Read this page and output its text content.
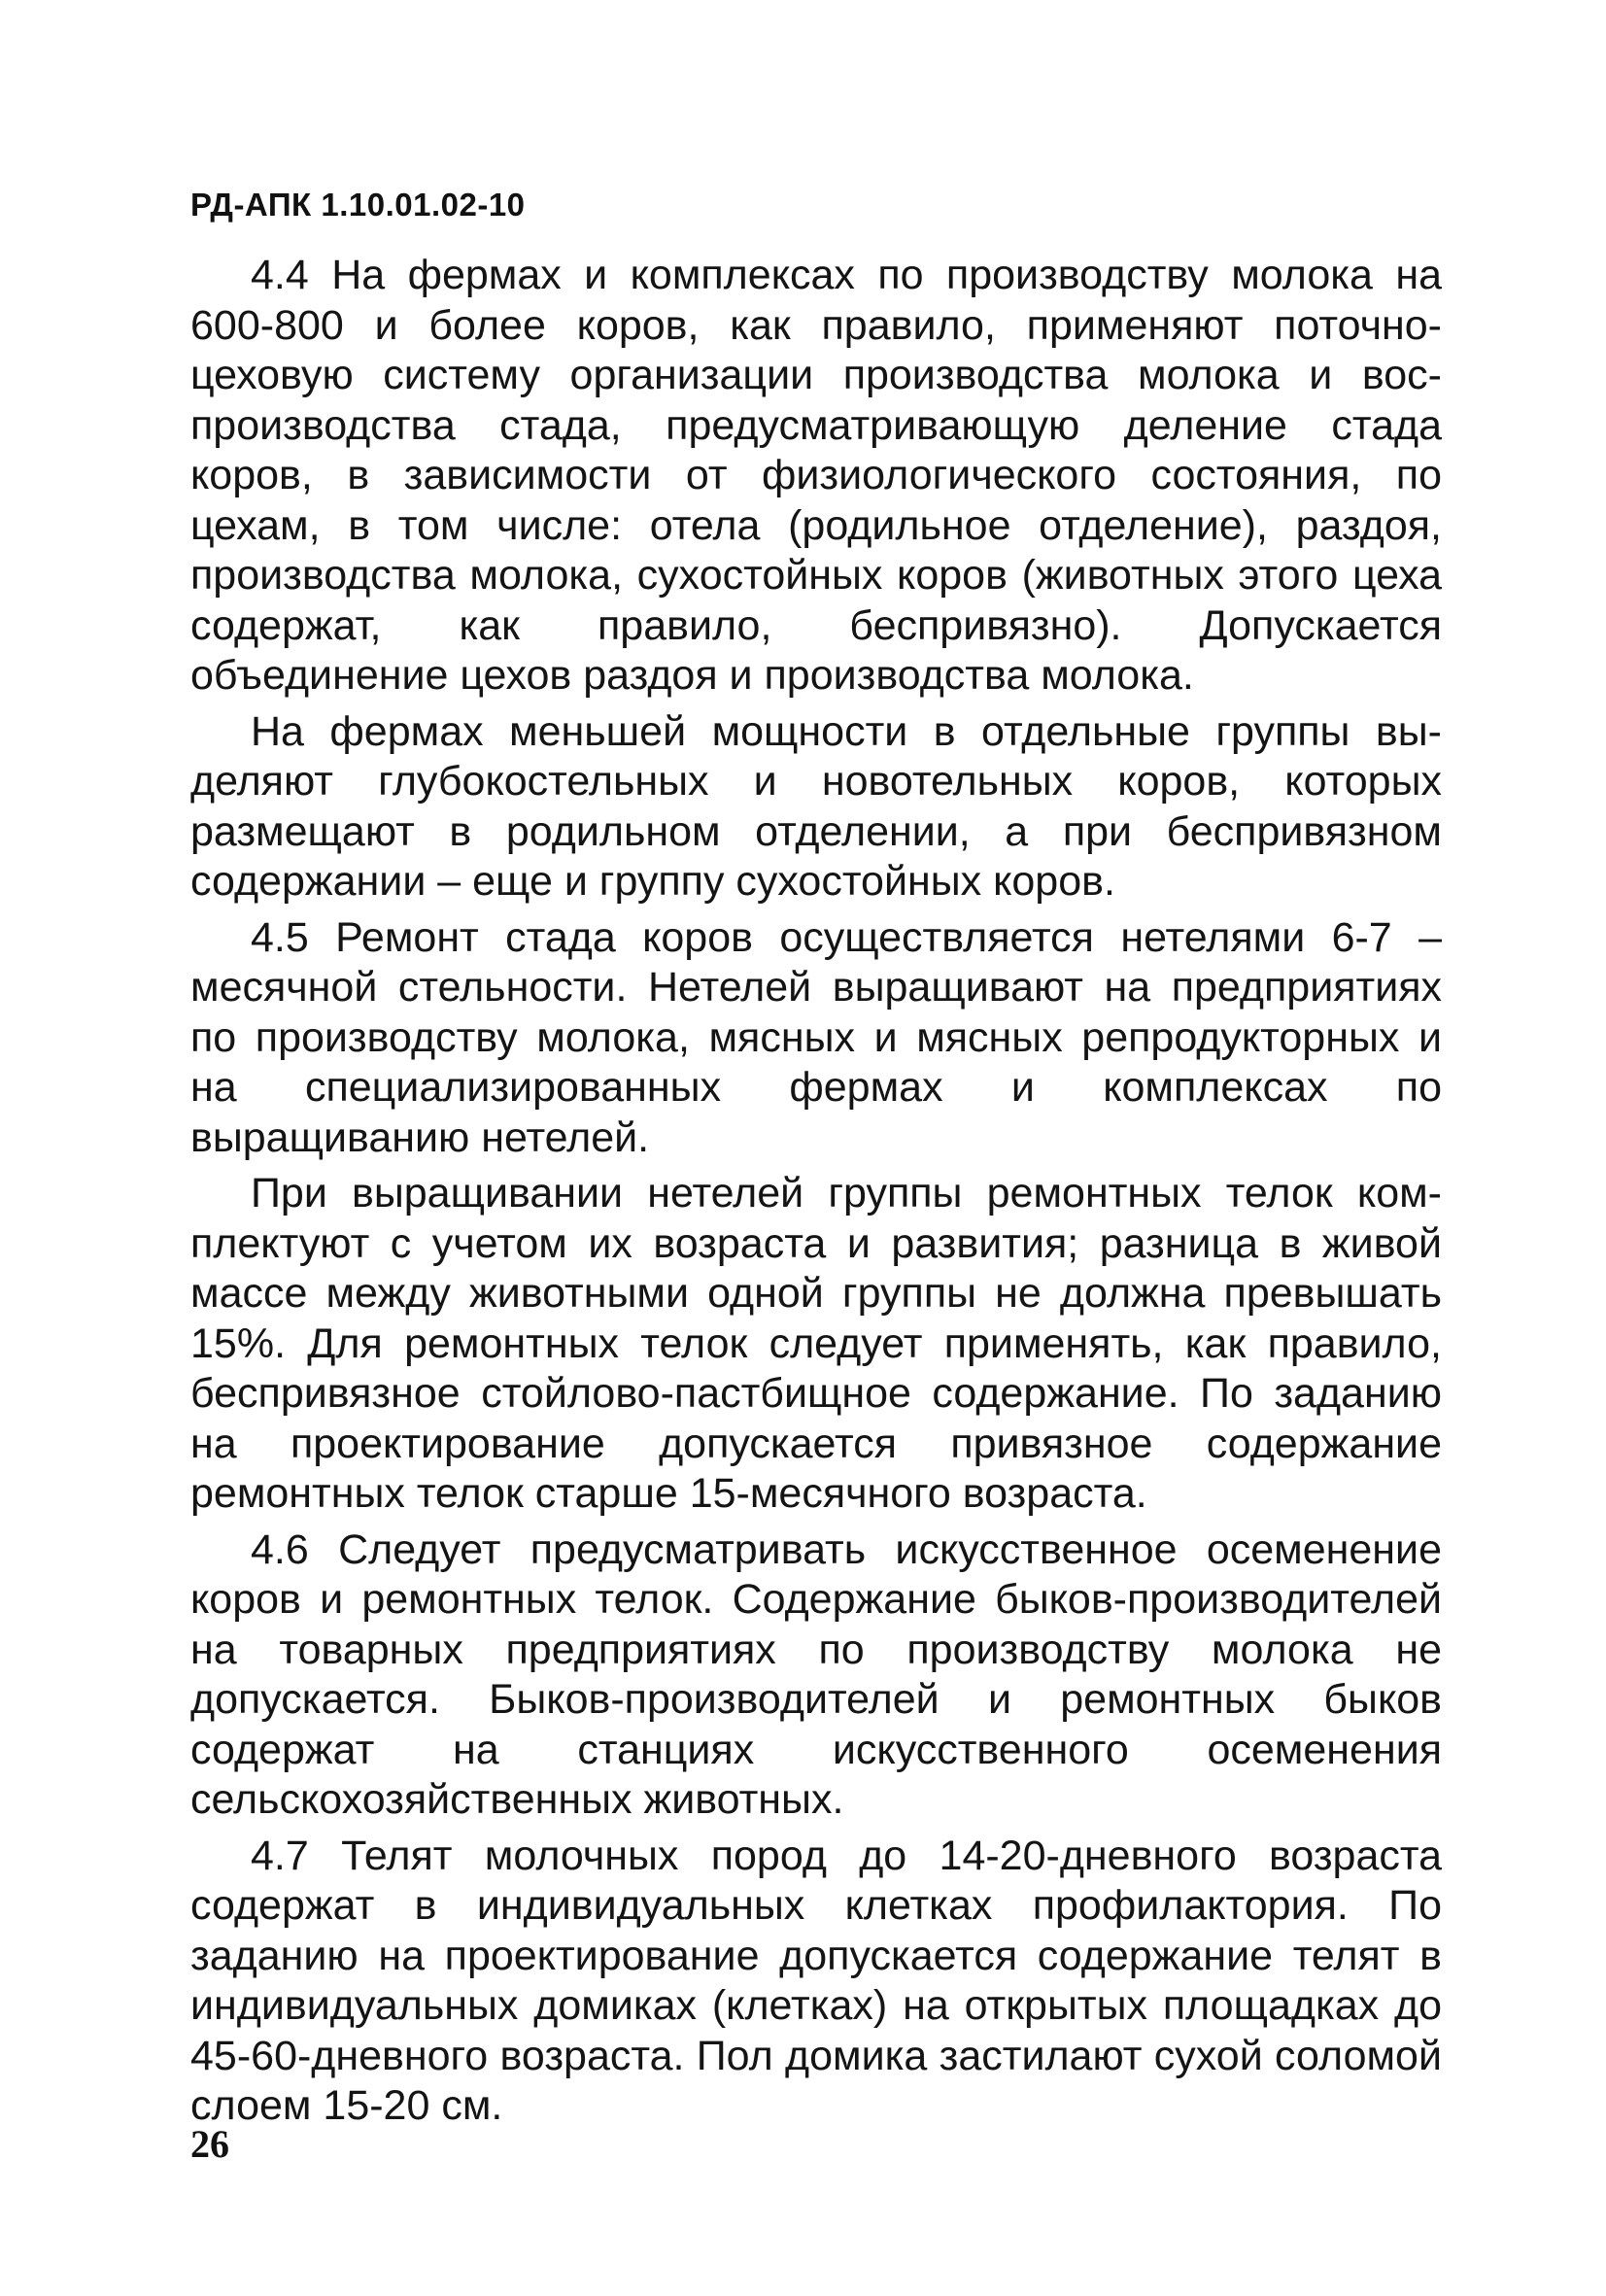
РД-АПК 1.10.01.02-10

4.4 На фермах и комплексах по производству молока на 600-800 и более коров, как правило, применяют поточно-цеховую систему организации производства молока и воспроизводства стада, предусматривающую деление стада коров, в зависимости от физиологического состояния, по цехам, в том числе: отела (родильное отделение), раздоя, производства молока, сухостойных коров (животных этого цеха содержат, как правило, беспривязно). Допускается объединение цехов раздоя и производства молока.

На фермах меньшей мощности в отдельные группы выделяют глубокостельных и новотельных коров, которых размещают в родильном отделении, а при беспривязном содержании – еще и группу сухостойных коров.

4.5 Ремонт стада коров осуществляется нетелями 6-7 – месячной стельности. Нетелей выращивают на предприятиях по производству молока, мясных и мясных репродукторных и на специализированных фермах и комплексах по выращиванию нетелей.

При выращивании нетелей группы ремонтных телок комплектуют с учетом их возраста и развития; разница в живой массе между животными одной группы не должна превышать 15%. Для ремонтных телок следует применять, как правило, беспривязное стойлово-пастбищное содержание. По заданию на проектирование допускается привязное содержание ремонтных телок старше 15-месячного возраста.

4.6 Следует предусматривать искусственное осеменение коров и ремонтных телок. Содержание быков-производителей на товарных предприятиях по производству молока не допускается. Быков-производителей и ремонтных быков содержат на станциях искусственного осеменения сельскохозяйственных животных.

4.7 Телят молочных пород до 14-20-дневного возраста содержат в индивидуальных клетках профилактория. По заданию на проектирование допускается содержание телят в индивидуальных домиках (клетках) на открытых площадках до 45-60-дневного возраста. Пол домика застилают сухой соломой слоем 15-20 см.

26
